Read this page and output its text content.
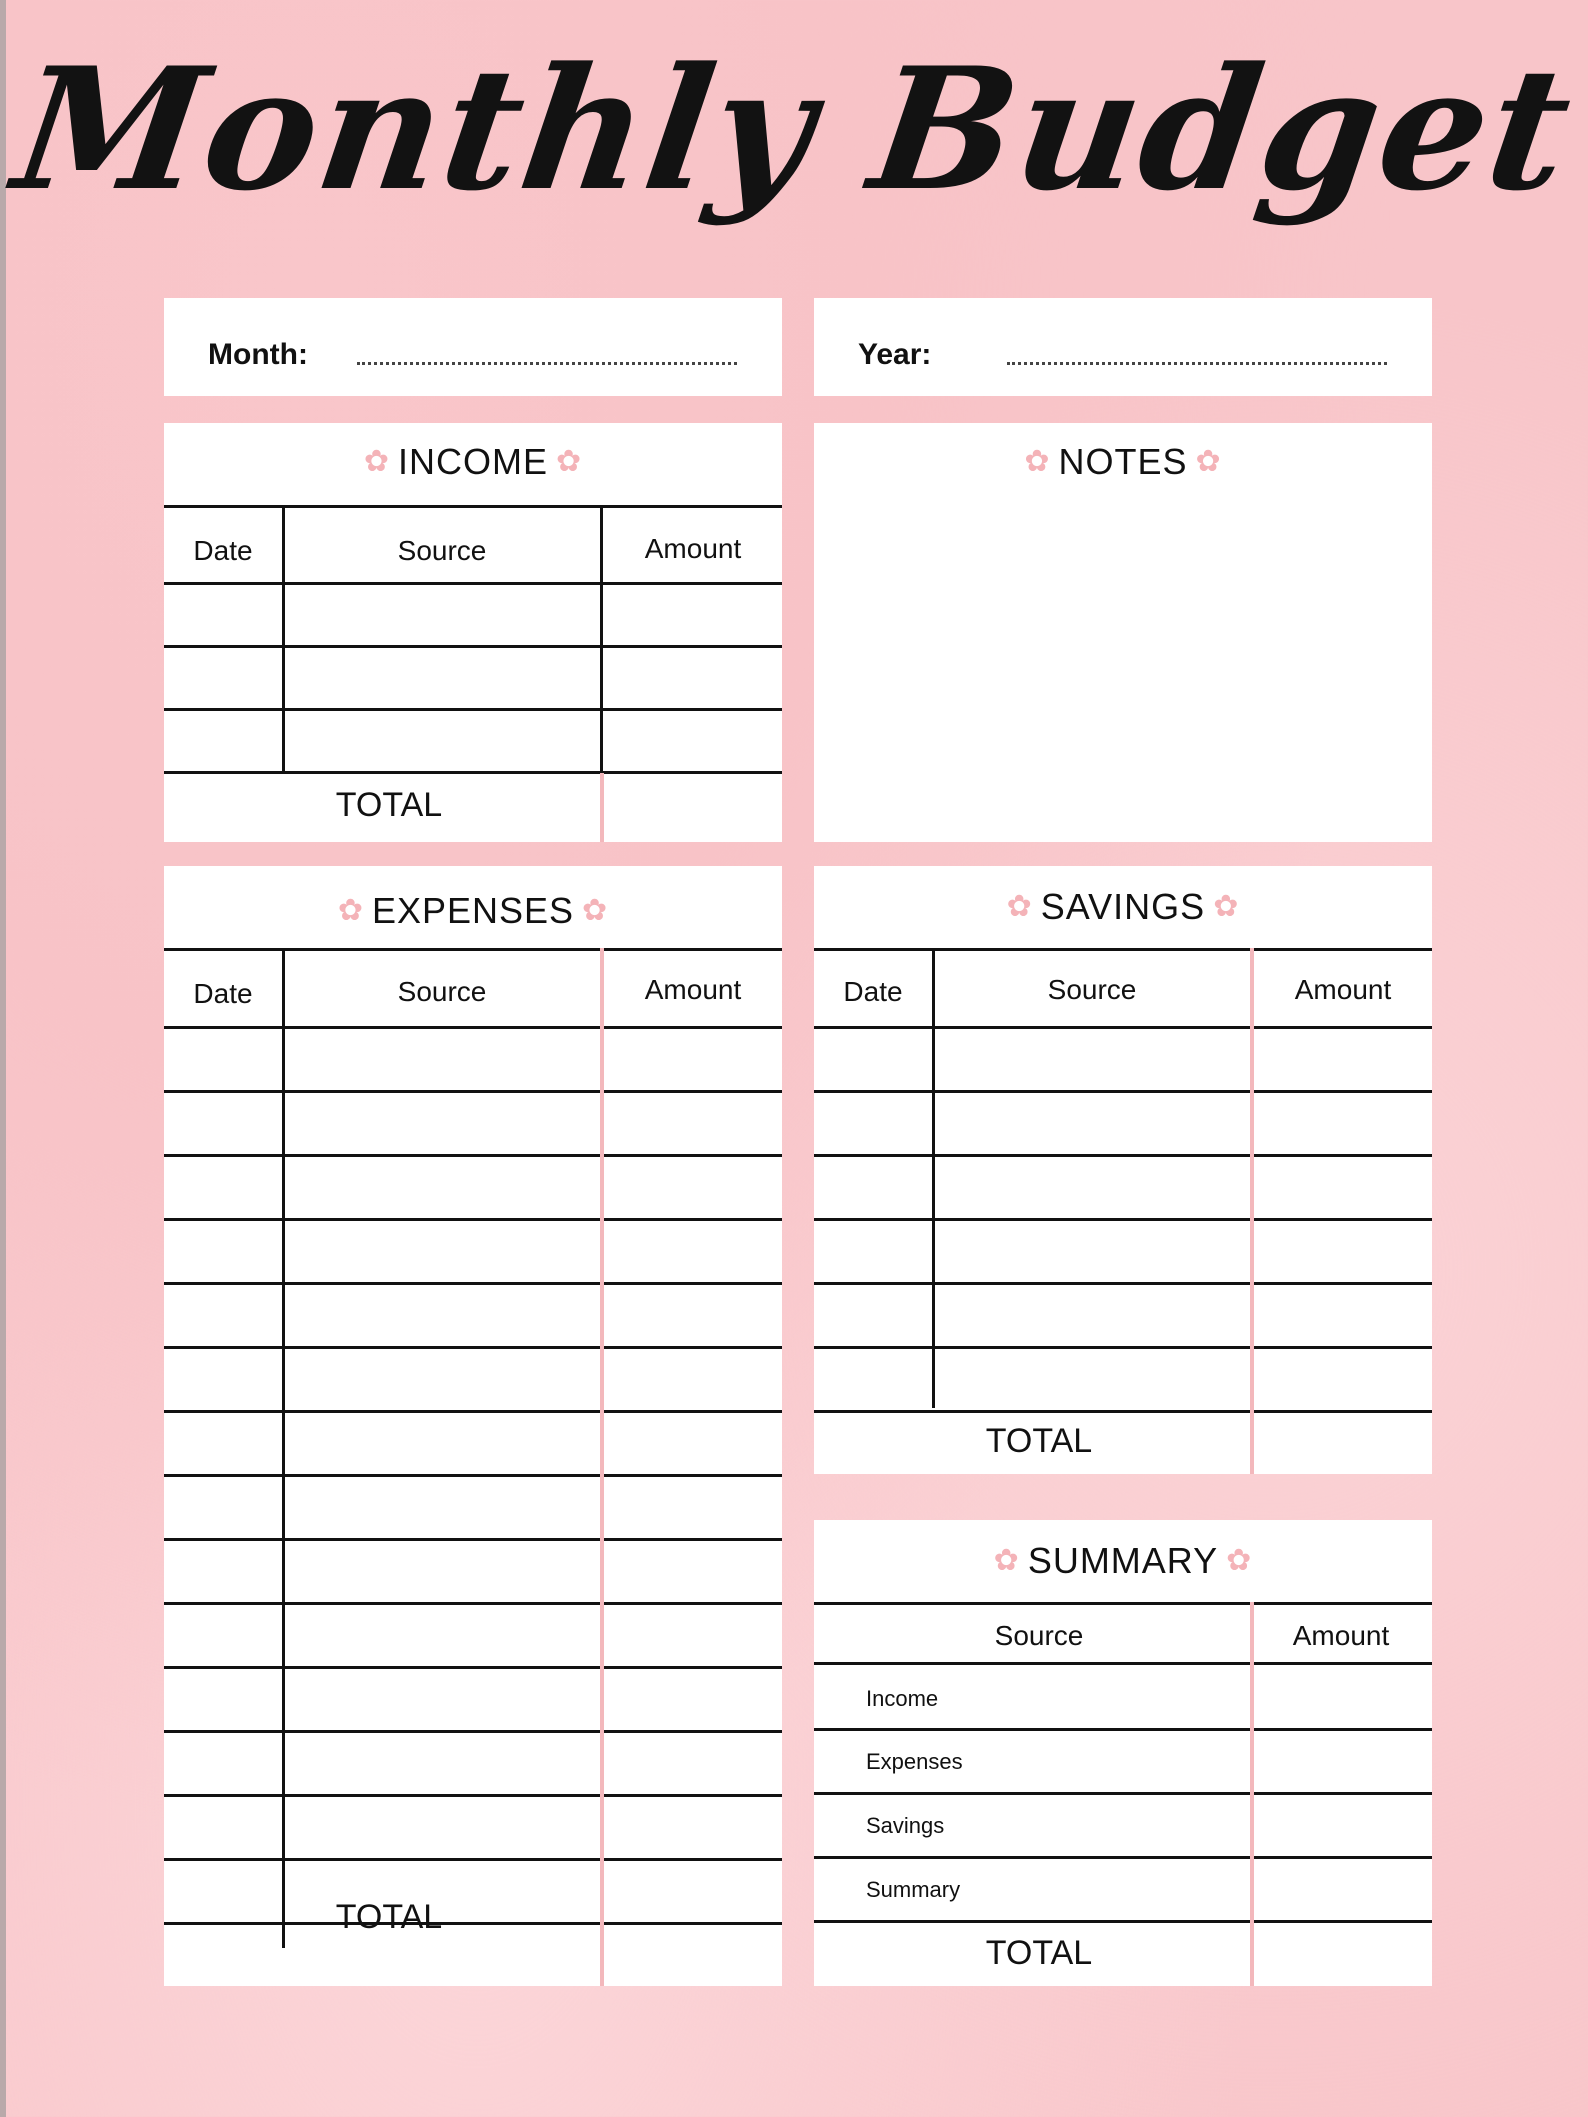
Monthly Budget
Month:	Year:
✿ INCOME ✿
Date	Source	Amount
TOTAL
✿ NOTES ✿
✿ EXPENSES ✿
Date	Source	Amount
TOTAL
✿ SAVINGS ✿
Date	Source	Amount
TOTAL
✿ SUMMARY ✿
Source	Amount
Income
Expenses
Savings
Summary
TOTAL
